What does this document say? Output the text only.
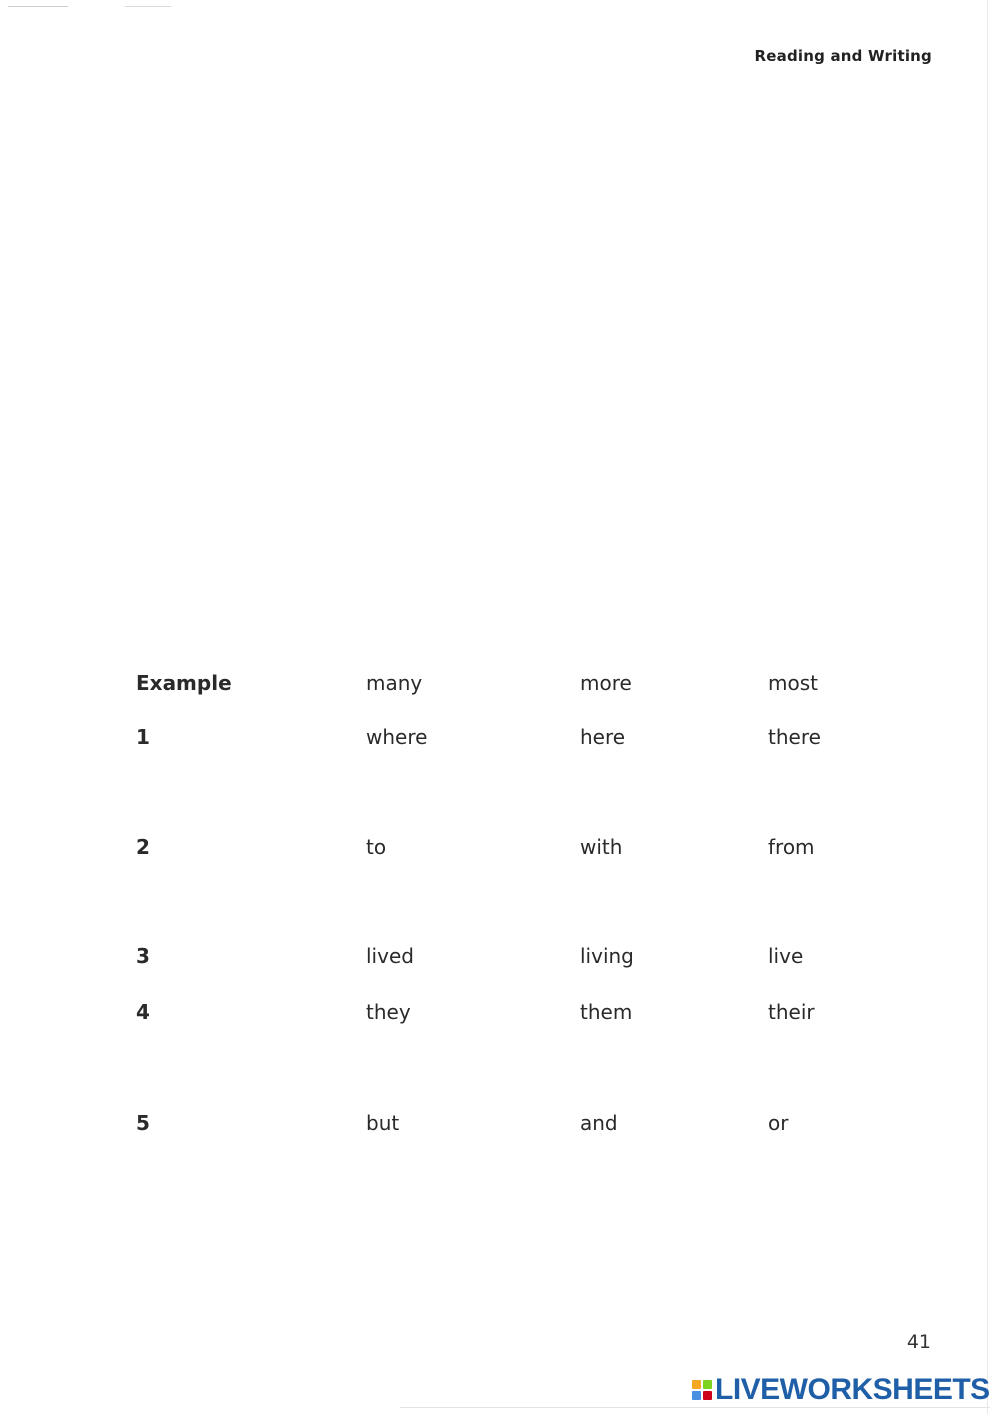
Reading and Writing
Example	many	more	most
1	where	here	there
2	to	with	from
3	lived	living	live
4	they	them	their
5	but	and	or
41
LIVEWORKSHEETS
